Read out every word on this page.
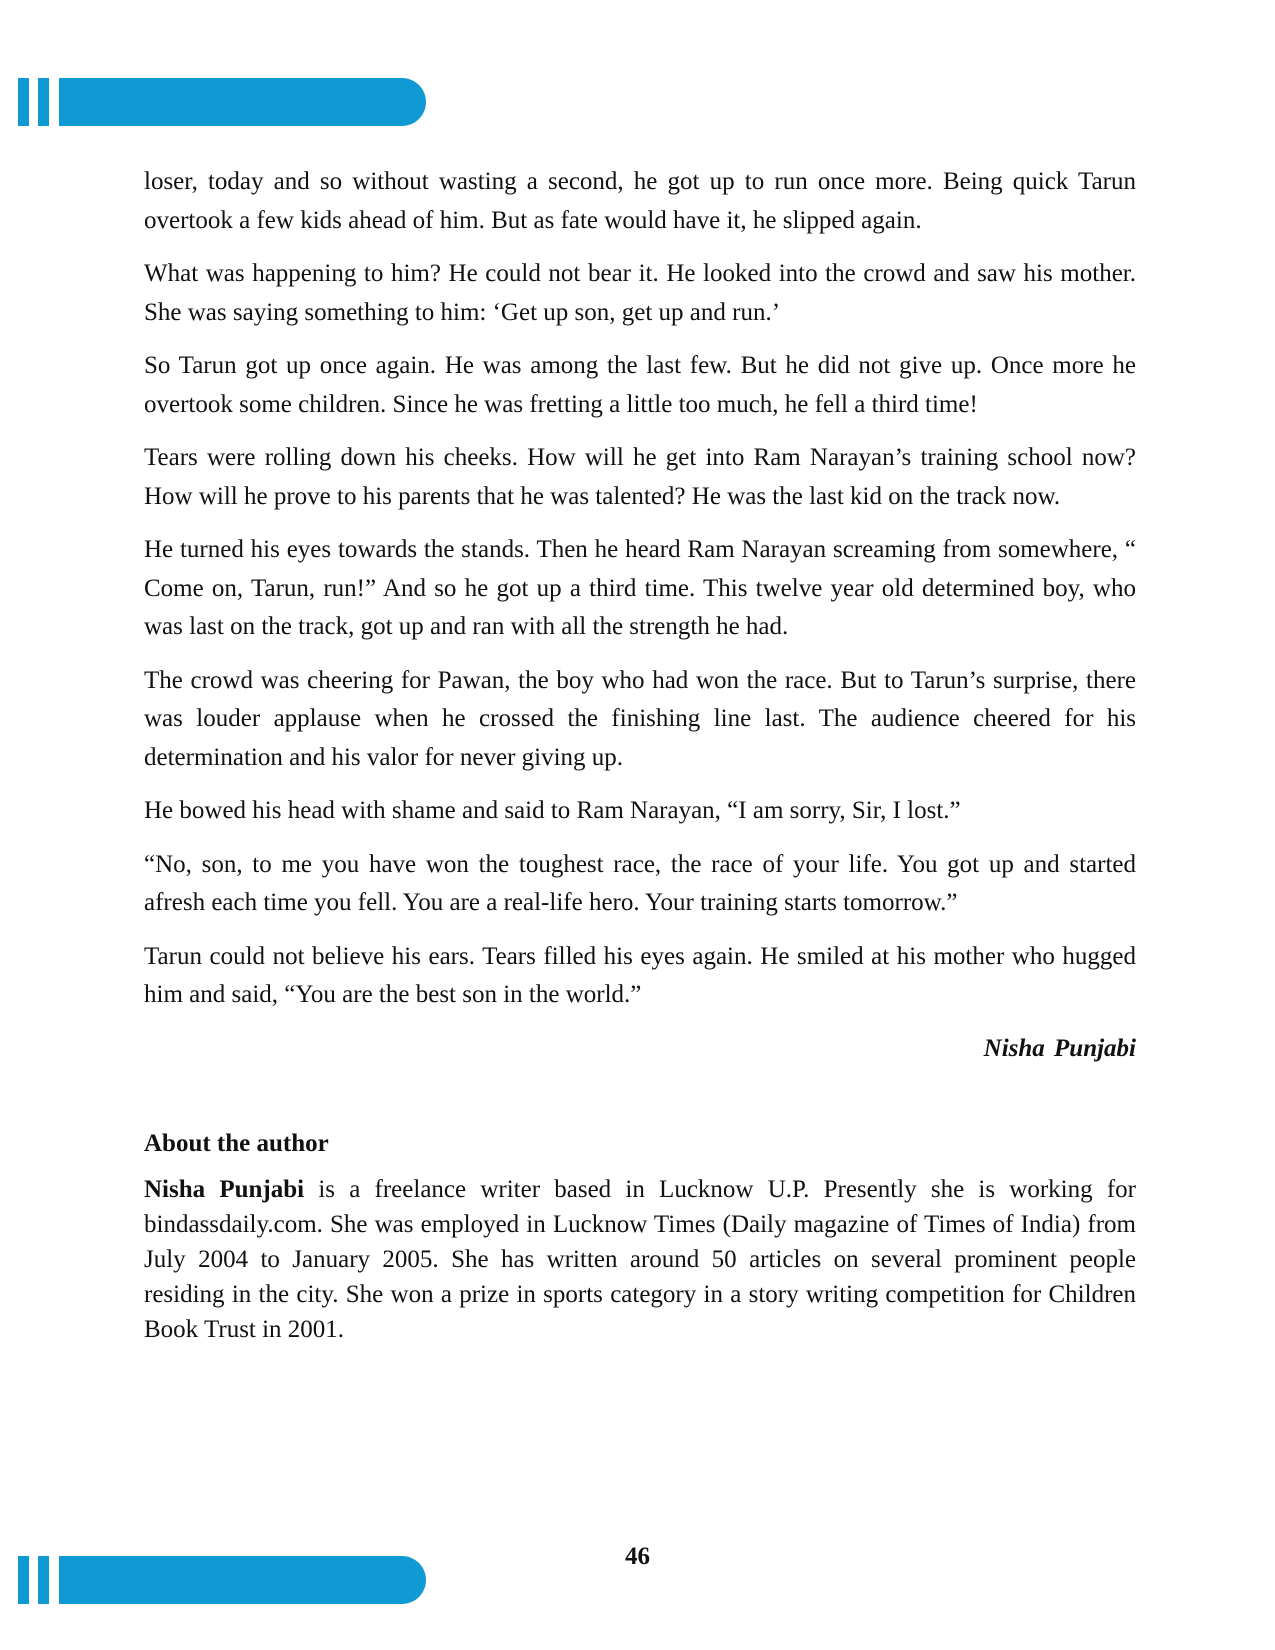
loser, today and so without wasting a second, he got up to run once more. Being quick Tarun overtook a few kids ahead of him. But as fate would have it, he slipped again.

What was happening to him? He could not bear it. He looked into the crowd and saw his mother. She was saying something to him: ‘Get up son, get up and run.’

So Tarun got up once again. He was among the last few. But he did not give up. Once more he overtook some children. Since he was fretting a little too much, he fell a third time!

Tears were rolling down his cheeks. How will he get into Ram Narayan’s training school now? How will he prove to his parents that he was talented? He was the last kid on the track now.

He turned his eyes towards the stands. Then he heard Ram Narayan screaming from somewhere, “ Come on, Tarun, run!” And so he got up a third time. This twelve year old determined boy, who was last on the track, got up and ran with all the strength he had.

The crowd was cheering for Pawan, the boy who had won the race. But to Tarun’s surprise, there was louder applause when he crossed the finishing line last. The audience cheered for his determination and his valor for never giving up.

He bowed his head with shame and said to Ram Narayan, “I am sorry, Sir, I lost.”

“No, son, to me you have won the toughest race, the race of your life. You got up and started afresh each time you fell. You are a real-life hero. Your training starts tomorrow.”

Tarun could not believe his ears. Tears filled his eyes again. He smiled at his mother who hugged him and said, “You are the best son in the world.”

Nisha Punjabi

About the author

Nisha Punjabi is a freelance writer based in Lucknow U.P. Presently she is working for bindassdaily.com. She was employed in Lucknow Times (Daily magazine of Times of India) from July 2004 to January 2005. She has written around 50 articles on several prominent people residing in the city. She won a prize in sports category in a story writing competition for Children Book Trust in 2001.

46
